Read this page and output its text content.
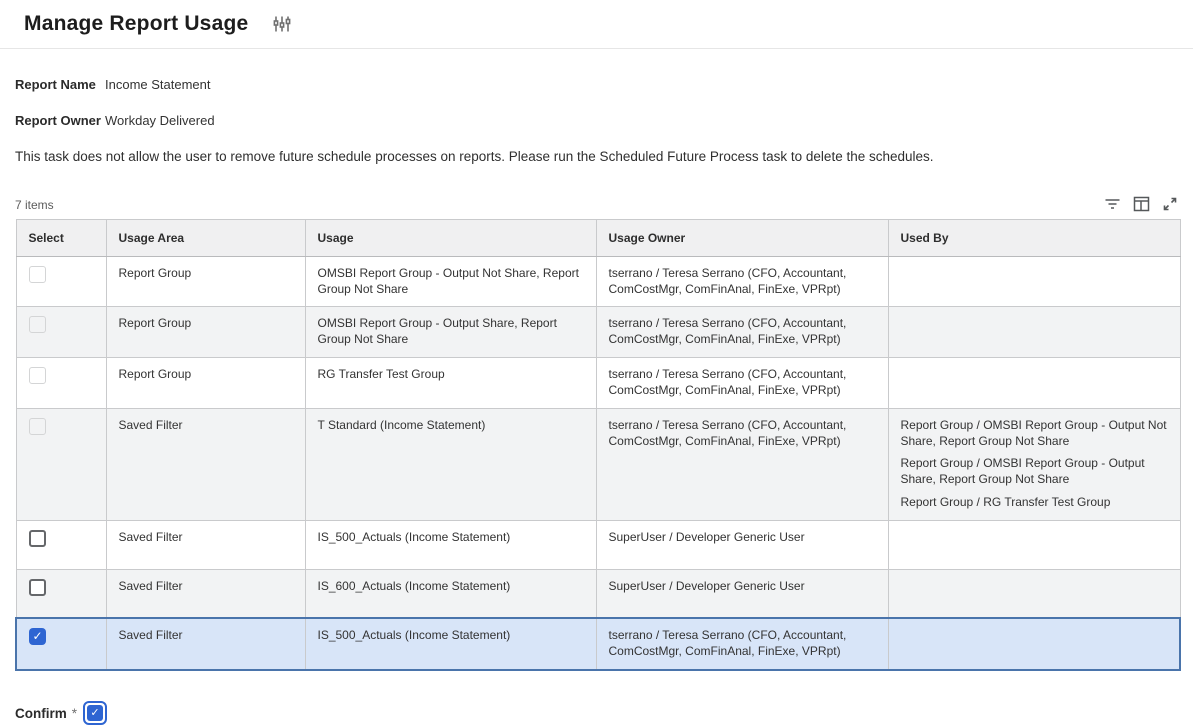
Manage Report Usage
Report Name Income Statement
Report Owner Workday Delivered

This task does not allow the user to remove future schedule processes on reports. Please run the Scheduled Future Process task to delete the schedules.

7 items
Select	Usage Area	Usage	Usage Owner	Used By
	Report Group	OMSBI Report Group - Output Not Share, Report Group Not Share	tserrano / Teresa Serrano (CFO, Accountant, ComCostMgr, ComFinAnal, FinExe, VPRpt)	
	Report Group	OMSBI Report Group - Output Share, Report Group Not Share	tserrano / Teresa Serrano (CFO, Accountant, ComCostMgr, ComFinAnal, FinExe, VPRpt)	
	Report Group	RG Transfer Test Group	tserrano / Teresa Serrano (CFO, Accountant, ComCostMgr, ComFinAnal, FinExe, VPRpt)	
	Saved Filter	T Standard (Income Statement)	tserrano / Teresa Serrano (CFO, Accountant, ComCostMgr, ComFinAnal, FinExe, VPRpt)	Report Group / OMSBI Report Group - Output Not Share, Report Group Not Share
Report Group / OMSBI Report Group - Output Share, Report Group Not Share
Report Group / RG Transfer Test Group

	Saved Filter	IS_500_Actuals (Income Statement)	SuperUser / Developer Generic User	
	Saved Filter	IS_600_Actuals (Income Statement)	SuperUser / Developer Generic User	
✓	Saved Filter	IS_500_Actuals (Income Statement)	tserrano / Teresa Serrano (CFO, Accountant, ComCostMgr, ComFinAnal, FinExe, VPRpt)	
Confirm *
✓
